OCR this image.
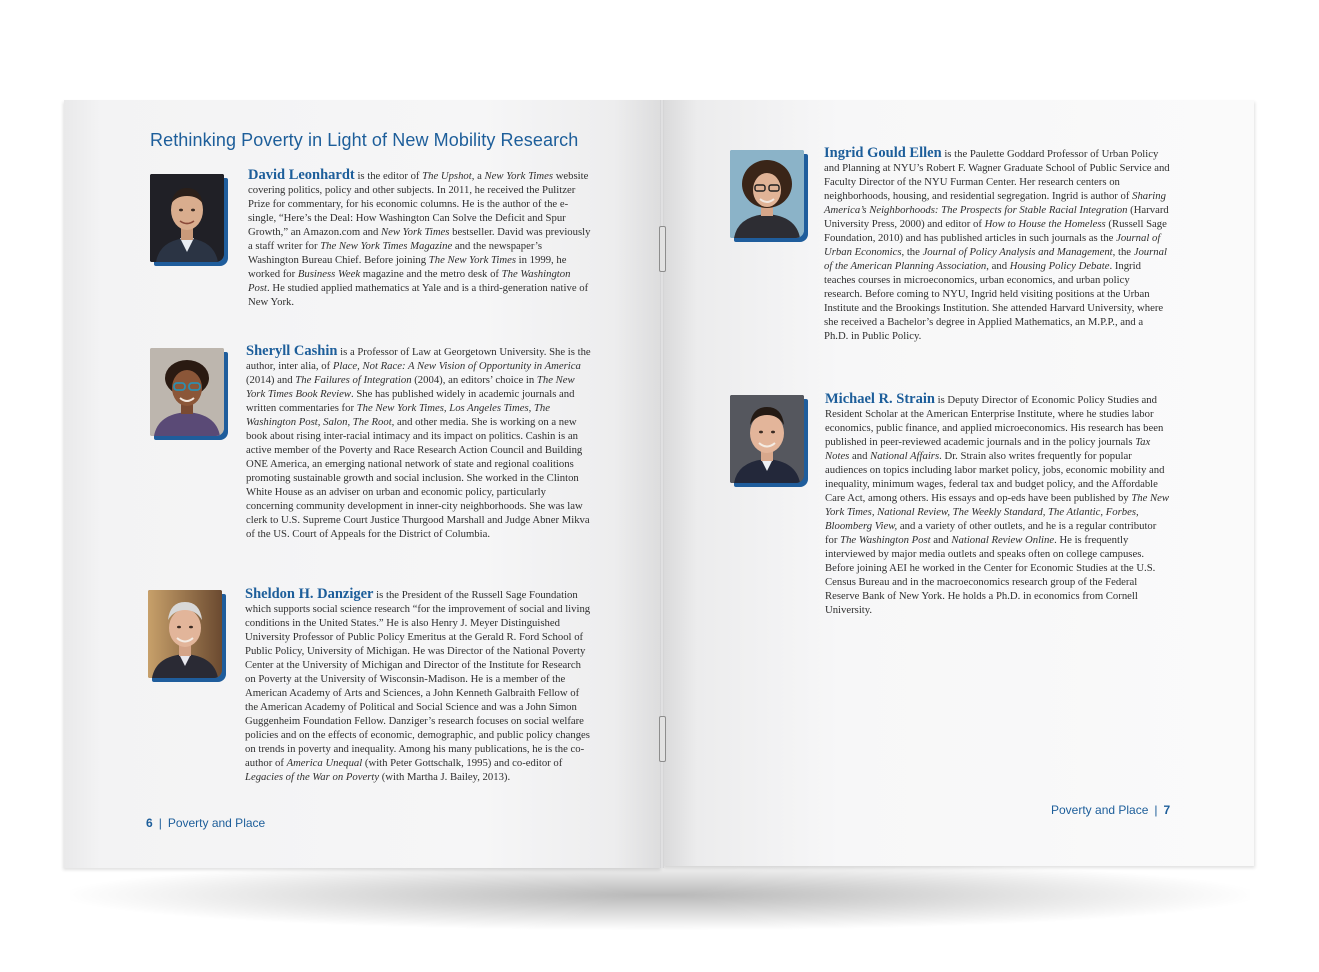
Rethinking Poverty in Light of New Mobility Research

David Leonhardt is the editor of The Upshot, a New York Times website covering politics, policy and other subjects. In 2011, he received the Pulitzer Prize for commentary, for his economic columns. He is the author of the e-single, “Here’s the Deal: How Washington Can Solve the Deficit and Spur Growth,” an Amazon.com and New York Times bestseller. David was previously a staff writer for The New York Times Magazine and the newspaper’s Washington Bureau Chief. Before joining The New York Times in 1999, he worked for Business Week magazine and the metro desk of The Washington Post. He studied applied mathematics at Yale and is a third-generation native of New York.

Sheryll Cashin is a Professor of Law at Georgetown University. She is the author, inter alia, of Place, Not Race: A New Vision of Opportunity in America (2014) and The Failures of Integration (2004), an editors’ choice in The New York Times Book Review. She has published widely in academic journals and written commentaries for The New York Times, Los Angeles Times, The Washington Post, Salon, The Root, and other media. She is working on a new book about rising inter-racial intimacy and its impact on politics. Cashin is an active member of the Poverty and Race Research Action Council and Building ONE America, an emerging national network of state and regional coalitions promoting sustainable growth and social inclusion. She worked in the Clinton White House as an adviser on urban and economic policy, particularly concerning community development in inner-city neighborhoods. She was law clerk to U.S. Supreme Court Justice Thurgood Marshall and Judge Abner Mikva of the US. Court of Appeals for the District of Columbia.

Sheldon H. Danziger is the President of the Russell Sage Foundation which supports social science research “for the improvement of social and living conditions in the United States.” He is also Henry J. Meyer Distinguished University Professor of Public Policy Emeritus at the Gerald R. Ford School of Public Policy, University of Michigan. He was Director of the National Poverty Center at the University of Michigan and Director of the Institute for Research on Poverty at the University of Wisconsin-Madison. He is a member of the American Academy of Arts and Sciences, a John Kenneth Galbraith Fellow of the American Academy of Political and Social Science and was a John Simon Guggenheim Foundation Fellow. Danziger’s research focuses on social welfare policies and on the effects of economic, demographic, and public policy changes on trends in poverty and inequality. Among his many publications, he is the co-author of America Unequal (with Peter Gottschalk, 1995) and co-editor of Legacies of the War on Poverty (with Martha J. Bailey, 2013).

6 | Poverty and Place

Ingrid Gould Ellen is the Paulette Goddard Professor of Urban Policy and Planning at NYU’s Robert F. Wagner Graduate School of Public Service and Faculty Director of the NYU Furman Center. Her research centers on neighborhoods, housing, and residential segregation. Ingrid is author of Sharing America’s Neighborhoods: The Prospects for Stable Racial Integration (Harvard University Press, 2000) and editor of How to House the Homeless (Russell Sage Foundation, 2010) and has published articles in such journals as the Journal of Urban Economics, the Journal of Policy Analysis and Management, the Journal of the American Planning Association, and Housing Policy Debate. Ingrid teaches courses in microeconomics, urban economics, and urban policy research. Before coming to NYU, Ingrid held visiting positions at the Urban Institute and the Brookings Institution. She attended Harvard University, where she received a Bachelor’s degree in Applied Mathematics, an M.P.P., and a Ph.D. in Public Policy.

Michael R. Strain is Deputy Director of Economic Policy Studies and Resident Scholar at the American Enterprise Institute, where he studies labor economics, public finance, and applied microeconomics. His research has been published in peer-reviewed academic journals and in the policy journals Tax Notes and National Affairs. Dr. Strain also writes frequently for popular audiences on topics including labor market policy, jobs, economic mobility and inequality, minimum wages, federal tax and budget policy, and the Affordable Care Act, among others. His essays and op-eds have been published by The New York Times, National Review, The Weekly Standard, The Atlantic, Forbes, Bloomberg View, and a variety of other outlets, and he is a regular contributor for The Washington Post and National Review Online. He is frequently interviewed by major media outlets and speaks often on college campuses. Before joining AEI he worked in the Center for Economic Studies at the U.S. Census Bureau and in the macroeconomics research group of the Federal Reserve Bank of New York. He holds a Ph.D. in economics from Cornell University.

Poverty and Place | 7
